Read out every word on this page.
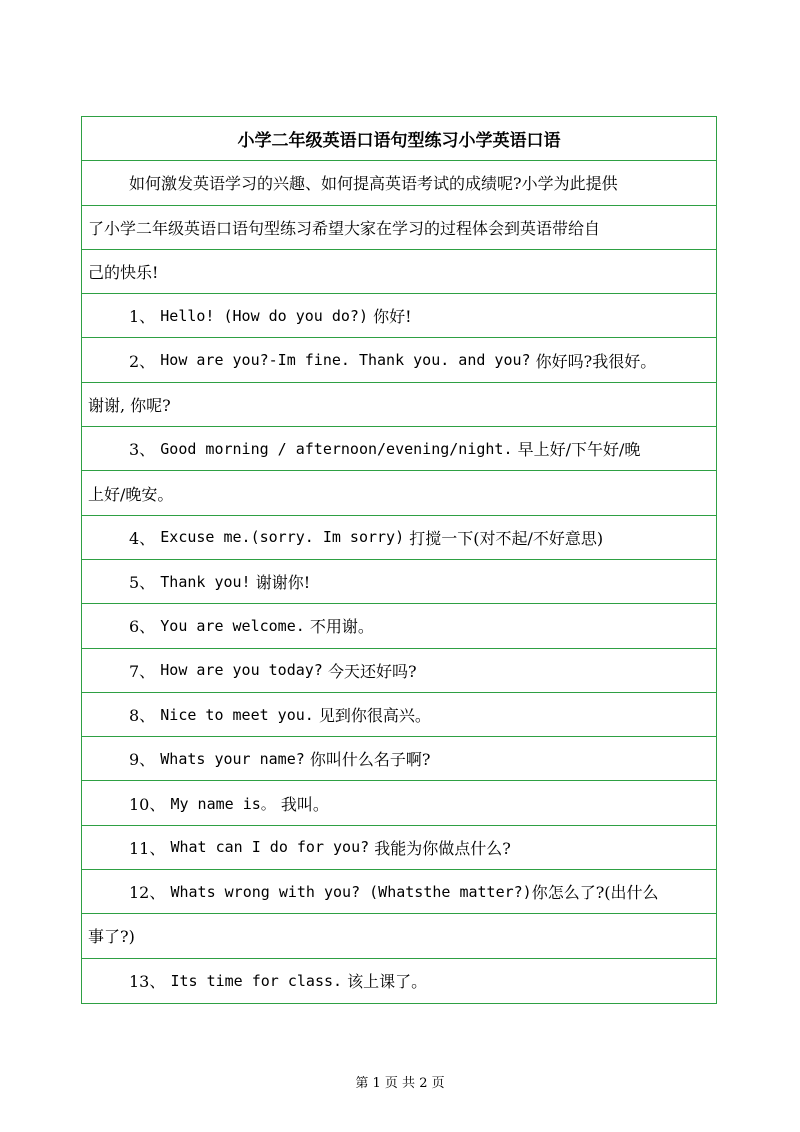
小学二年级英语口语句型练习小学英语口语
如何激发英语学习的兴趣、如何提高英语考试的成绩呢?小学为此提供
了小学二年级英语口语句型练习希望大家在学习的过程体会到英语带给自
己的快乐!
1、
Hello! (How do you do?)
你好!
2、
How are you?-Im fine. Thank you. and you?
你好吗?我很好。
谢谢, 你呢?
3、
Good morning / afternoon/evening/night.
早上好/下午好/晚
上好/晚安。
4、
Excuse me.(sorry. Im sorry)
打搅一下(对不起/不好意思)
5、
Thank you!
谢谢你!
6、
You are welcome.
不用谢。
7、
How are you today?
今天还好吗?
8、
Nice to meet you.
见到你很高兴。
9、
Whats your name?
你叫什么名子啊?
10、
My name is。
我叫。
11、
What can I do for you?
我能为你做点什么?
12、
Whats wrong with you? (Whatsthe matter?) 你怎么了?(出什么
事了?)
13、
Its time for class.
该上课了。
第 1 页 共 2 页
